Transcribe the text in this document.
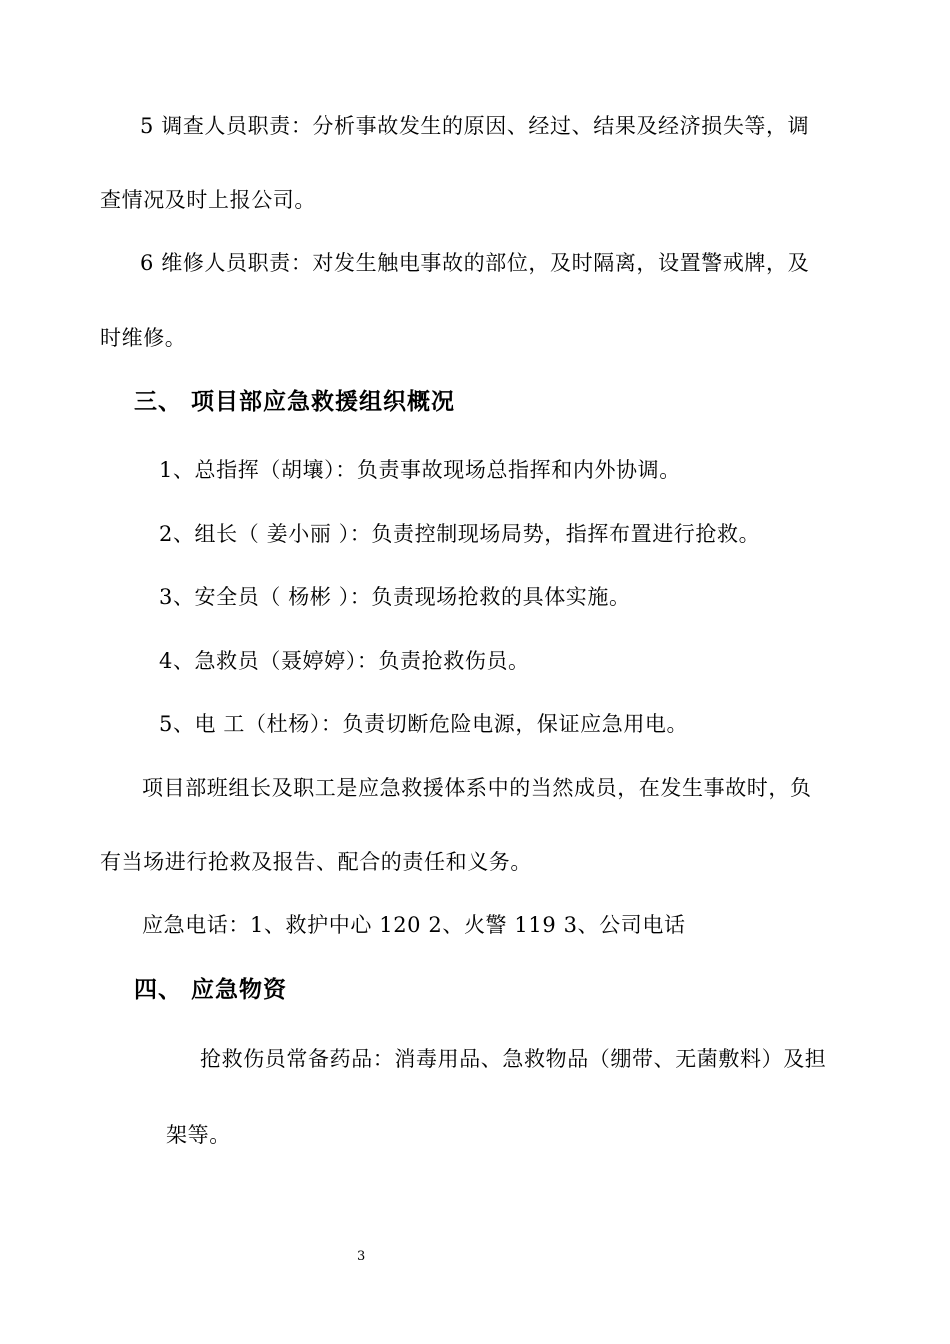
5 调查人员职责：分析事故发生的原因、经过、结果及经济损失等，调
查情况及时上报公司。
6 维修人员职责：对发生触电事故的部位，及时隔离，设置警戒牌，及
时维修。
三、 项目部应急救援组织概况
1、总指挥（胡壤）：负责事故现场总指挥和内外协调。
2、组长（ 姜小丽 ）：负责控制现场局势，指挥布置进行抢救。
3、安全员（ 杨彬 ）：负责现场抢救的具体实施。
4、急救员（聂婷婷）：负责抢救伤员。
5、电 工（杜杨）：负责切断危险电源，保证应急用电。
项目部班组长及职工是应急救援体系中的当然成员，在发生事故时，负
有当场进行抢救及报告、配合的责任和义务。
应急电话：1、救护中心 120 2、火警 119 3、公司电话
四、 应急物资
抢救伤员常备药品：消毒用品、急救物品（绷带、无菌敷料）及担
架等。
3
